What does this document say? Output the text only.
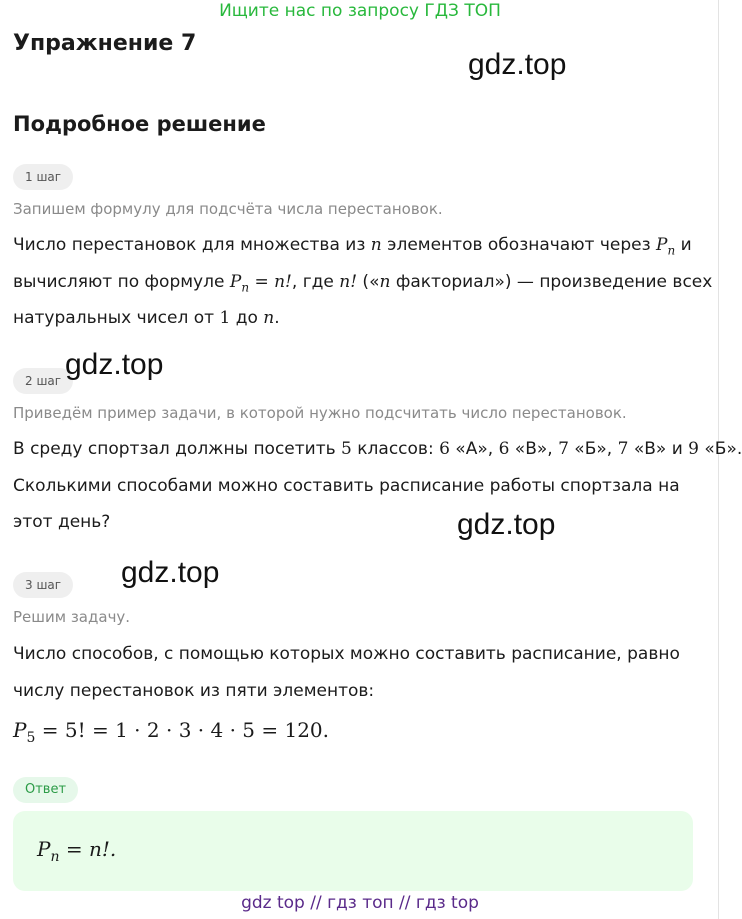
Ищите нас по запросу ГДЗ ТОП
Упражнение 7
gdz.top
Подробное решение
1 шаг
Запишем формулу для подсчёта числа перестановок.
Число перестановок для множества из n элементов обозначают через $P_n$ и
вычисляют по формуле $P_n = n$!, где n! («n факториал») — произведение всех
натуральных чисел от 1 до n.
2 шаг gdz.top
Приведём пример задачи, в которой нужно подсчитать число перестановок.
В среду спортзал должны посетить 5 классов: 6 «А», 6 «В», 7 «Б», 7 «В» и 9 «Б».
Сколькими способами можно составить расписание работы спортзала на
этот день?	gdz.top
3 шаг	gdz.top
Решим задачу.
Число способов, с помощью которых можно составить расписание, равно
числу перестановок из пяти элементов:
$P_5 = 5$! = 1 · 2 · 3 · 4 · 5 = 120.
Ответ
$P_n = n$!.
gdz top // гдз топ // гдз top
